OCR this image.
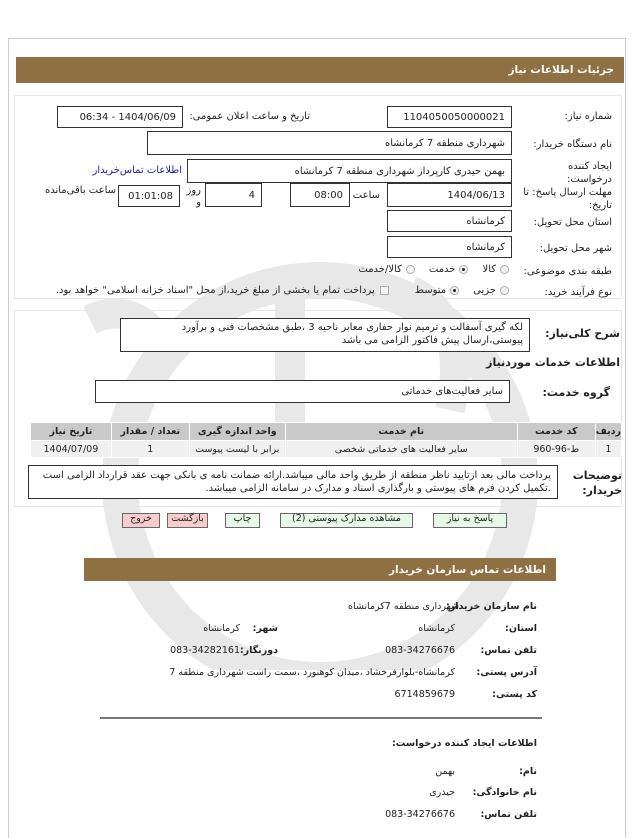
جزئیات اطلاعات نیاز
شماره نیاز:
1104050050000021
تاریخ و ساعت اعلان عمومی:
1404/06/09 - 06:34
نام دستگاه خریدار:
شهرداری منطقه 7 کرمانشاه
ایجاد کننده درخواست:
بهمن حیدری کارپرداز شهرداری منطقه 7 کرمانشاه
اطلاعات تماس‌خریدار
مهلت ارسال پاسخ: تا تاریخ:
1404/06/13
ساعت
08:00
4
روز و
01:01:08
ساعت باقی‌مانده
استان محل تحویل:
کرمانشاه
شهر محل تحویل:
کرمانشاه
طبقه بندی موضوعی:
کالا
خدمت
کالا/خدمت
نوع فرآیند خرید:
جزیی
متوسط
پرداخت تمام یا بخشی از مبلغ خرید،از محل "اسناد خزانه اسلامی" خواهد بود.
شرح کلی‌نیاز:
لکه گیری آسفالت و ترمیم نوار حفاری معابر ناحیه 3 ،طبق مشخصات فنی و برآورد پیوستی،ارسال پیش فاکتور الزامی می باشد
اطلاعات خدمات موردنیاز
گروه خدمت:
سایر فعالیت‌های خدماتی
ردیف	کد خدمت	نام خدمت	واحد اندازه گیری	تعداد / مقدار	تاریخ نیاز
1	ط-96-960	سایر فعالیت های خدماتی شخصی	برابر با لیست پیوست	1	1404/07/09
توضیحات خریدار:
پرداخت مالی بعد ازتایید ناظر منطقه از طریق واحد مالی میباشد.ارائه ضمانت نامه ی بانکی جهت عقد قرارداد الزامی است .تکمیل کردن فرم های پیوستی و بارگذاری اسناد و مدارک در سامانه الزامی میباشد.
پاسخ به نیاز
مشاهده مدارک پیوستی (2)
چاپ
بازگشت
خروج
اطلاعات تماس سازمان خریدار
نام سازمان خریدار:
شهرداری منطقه 7کرمانشاه
استان:
کرمانشاه
شهر:
کرمانشاه
تلفن تماس:
083-34276676
دورنگار:
083-34282161
آدرس پستی:
کرمانشاه-بلوارفرخشاد ،میدان کوهنورد ،سمت راست شهرداری منطقه 7
کد پستی:
6714859679
اطلاعات ایجاد کننده درخواست:
نام:
بهمن
نام خانوادگی:
حیدری
تلفن تماس:
083-34276676
